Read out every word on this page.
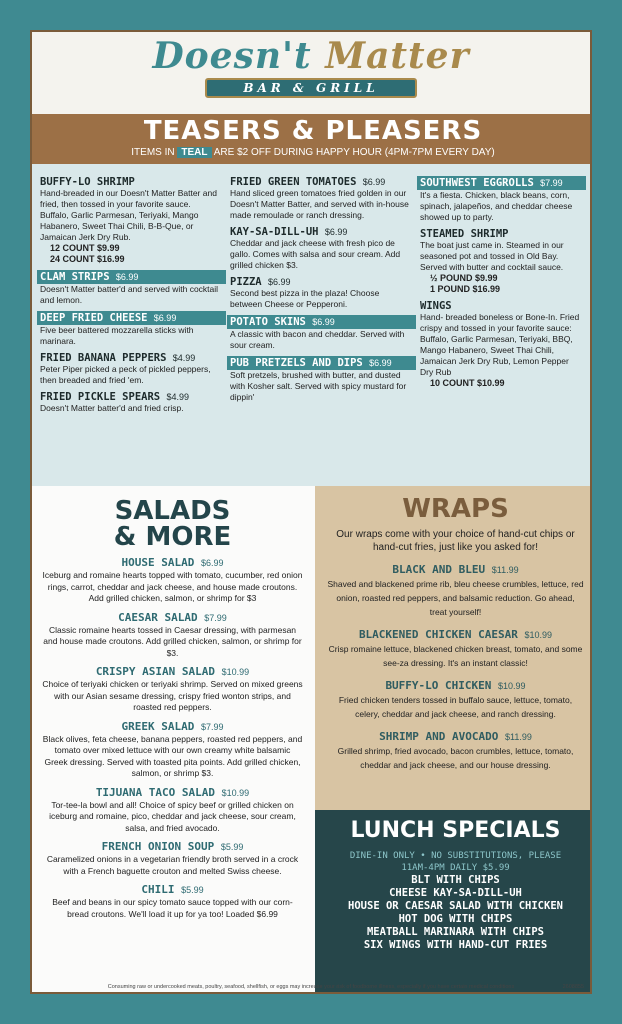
Doesn't Matter
BAR & GRILL
TEASERS & PLEASERS
ITEMS IN TEAL ARE $2 OFF DURING HAPPY HOUR (4PM-7PM EVERY DAY)
BUFFY-LO SHRIMP
Hand-breaded in our Doesn't Matter Batter and fried, then tossed in your favorite sauce. Buffalo, Garlic Parmesan, Teriyaki, Mango Habanero, Sweet Thai Chili, B-B-Que, or Jamaican Jerk Dry Rub.
12 COUNT $9.99
24 COUNT $16.99
CLAM STRIPS $6.99
Doesn't Matter batter'd and served with cocktail and lemon.
DEEP FRIED CHEESE $6.99
Five beer battered mozzarella sticks with marinara.
FRIED BANANA PEPPERS $4.99
Peter Piper picked a peck of pickled peppers, then breaded and fried 'em.
FRIED PICKLE SPEARS $4.99
Doesn't Matter batter'd and fried crisp.
FRIED GREEN TOMATOES $6.99
Hand sliced green tomatoes fried golden in our Doesn't Matter Batter, and served with in-house made remoulade or ranch dressing.
KAY-SA-DILL-UH $6.99
Cheddar and jack cheese with fresh pico de gallo. Comes with salsa and sour cream. Add grilled chicken $3.
PIZZA $6.99
Second best pizza in the plaza! Choose between Cheese or Pepperoni.
POTATO SKINS $6.99
A classic with bacon and cheddar. Served with sour cream.
PUB PRETZELS AND DIPS $6.99
Soft pretzels, brushed with butter, and dusted with Kosher salt. Served with spicy mustard for dippin'
SOUTHWEST EGGROLLS $7.99
It's a fiesta. Chicken, black beans, corn, spinach, jalapeños, and cheddar cheese showed up to party.
STEAMED SHRIMP
The boat just came in. Steamed in our seasoned pot and tossed in Old Bay. Served with butter and cocktail sauce.
½ POUND $9.99
1 POUND $16.99
WINGS
Hand- breaded boneless or Bone-In. Fried crispy and tossed in your favorite sauce: Buffalo, Garlic Parmesan, Teriyaki, BBQ, Mango Habanero, Sweet Thai Chili, Jamaican Jerk Dry Rub, Lemon Pepper Dry Rub
10 COUNT $10.99
SALADS
& MORE
HOUSE SALAD $6.99
Iceburg and romaine hearts topped with tomato, cucumber, red onion rings, carrot, cheddar and jack cheese, and house made croutons. Add grilled chicken, salmon, or shrimp for $3
CAESAR SALAD $7.99
Classic romaine hearts tossed in Caesar dressing, with parmesan and house made croutons. Add grilled chicken, salmon, or shrimp for $3.
CRISPY ASIAN SALAD $10.99
Choice of teriyaki chicken or teriyaki shrimp. Served on mixed greens with our Asian sesame dressing, crispy fried wonton strips, and roasted red peppers.
GREEK SALAD $7.99
Black olives, feta cheese, banana peppers, roasted red peppers, and tomato over mixed lettuce with our own creamy white balsamic Greek dressing. Served with toasted pita points. Add grilled chicken, salmon, or shrimp $3.
TIJUANA TACO SALAD $10.99
Tor-tee-la bowl and all! Choice of spicy beef or grilled chicken on iceburg and romaine, pico, cheddar and jack cheese, sour cream, salsa, and fried avocado.
FRENCH ONION SOUP $5.99
Caramelized onions in a vegetarian friendly broth served in a crock with a French baguette crouton and melted Swiss cheese.
CHILI $5.99
Beef and beans in our spicy tomato sauce topped with our corn-bread croutons. We'll load it up for ya too! Loaded $6.99
WRAPS
Our wraps come with your choice of hand-cut chips or hand-cut fries, just like you asked for!
BLACK AND BLEU $11.99
Shaved and blackened prime rib, bleu cheese crumbles, lettuce, red onion, roasted red peppers, and balsamic reduction. Go ahead, treat yourself!
BLACKENED CHICKEN CAESAR $10.99
Crisp romaine lettuce, blackened chicken breast, tomato, and some see-za dressing. It's an instant classic!
BUFFY-LO CHICKEN $10.99
Fried chicken tenders tossed in buffalo sauce, lettuce, tomato, celery, cheddar and jack cheese, and ranch dressing.
SHRIMP AND AVOCADO $11.99
Grilled shrimp, fried avocado, bacon crumbles, lettuce, tomato, cheddar and jack cheese, and our house dressing.
LUNCH SPECIALS
DINE-IN ONLY • NO SUBSTITUTIONS, PLEASE
11AM-4PM DAILY $5.99
BLT WITH CHIPS
CHEESE KAY-SA-DILL-UH
HOUSE OR CAESAR SALAD WITH CHICKEN
HOT DOG WITH CHIPS
MEATBALL MARINARA WITH CHIPS
SIX WINGS WITH HAND-CUT FRIES
Consuming raw or undercooked meats, poultry, seafood, shellfish, or eggs may increase your risk of foodborne illness, especially if you have certain medical conditions	2608855
